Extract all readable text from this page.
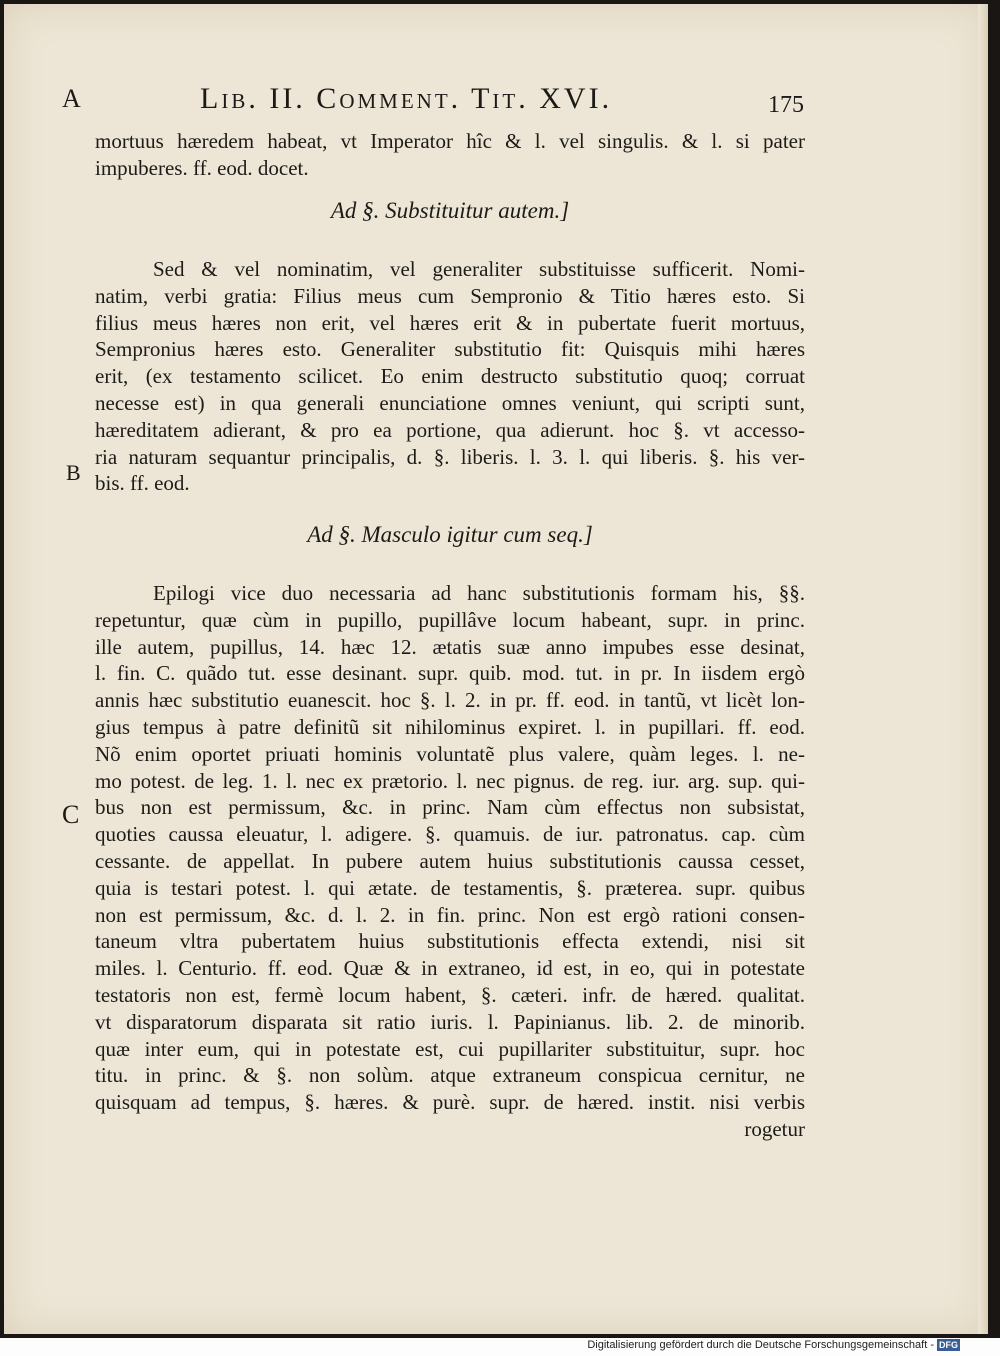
A	Lib. II. Comment. Tit. XVI.	175
mortuus hæredem habeat, vt Imperator hîc & l. vel singulis. & l. si pater
impuberes. ff. eod. docet.
Ad §. Substituitur autem.]
Sed & vel nominatim, vel generaliter substituisse sufficerit. Nomi-
natim, verbi gratia: Filius meus cum Sempronio & Titio hæres esto. Si
filius meus hæres non erit, vel hæres erit & in pubertate fuerit mortuus,
Sempronius hæres esto. Generaliter substitutio fit: Quisquis mihi hæres
erit, (ex testamento scilicet. Eo enim destructo substitutio quoq; corruat
necesse est) in qua generali enunciatione omnes veniunt, qui scripti sunt,
hæreditatem adierant, & pro ea portione, qua adierunt. hoc §. vt accesso-
ria naturam sequantur principalis, d. §. liberis. l. 3. l. qui liberis. §. his ver-
bis. ff. eod.
B
Ad §. Masculo igitur cum seq.]
Epilogi vice duo necessaria ad hanc substitutionis formam his, §§.
repetuntur, quæ cùm in pupillo, pupillâve locum habeant, supr. in princ.
ille autem, pupillus, 14. hæc 12. ætatis suæ anno impubes esse desinat,
l. fin. C. quãdo tut. esse desinant. supr. quib. mod. tut. in pr. In iisdem ergò
annis hæc substitutio euanescit. hoc §. l. 2. in pr. ff. eod. in tantũ, vt licèt lon-
gius tempus à patre definitũ sit nihilominus expiret. l. in pupillari. ff. eod.
Nõ enim oportet priuati hominis voluntatẽ plus valere, quàm leges. l. ne-
mo potest. de leg. 1. l. nec ex prætorio. l. nec pignus. de reg. iur. arg. sup. qui-
bus non est permissum, &c. in princ. Nam cùm effectus non subsistat,
quoties caussa eleuatur, l. adigere. §. quamuis. de iur. patronatus. cap. cùm
cessante. de appellat. In pubere autem huius substitutionis caussa cesset,
quia is testari potest. l. qui ætate. de testamentis, §. præterea. supr. quibus
non est permissum, &c. d. l. 2. in fin. princ. Non est ergò rationi consen-
taneum vltra pubertatem huius substitutionis effecta extendi, nisi sit
miles. l. Centurio. ff. eod. Quæ & in extraneo, id est, in eo, qui in potestate
testatoris non est, fermè locum habent, §. cæteri. infr. de hæred. qualitat.
vt disparatorum disparata sit ratio iuris. l. Papinianus. lib. 2. de minorib.
quæ inter eum, qui in potestate est, cui pupillariter substituitur, supr. hoc
titu. in princ. & §. non solùm. atque extraneum conspicua cernitur, ne
quisquam ad tempus, §. hæres. & purè. supr. de hæred. instit. nisi verbis
rogetur
C
Digitalisierung gefördert durch die Deutsche Forschungsgemeinschaft - DFG
